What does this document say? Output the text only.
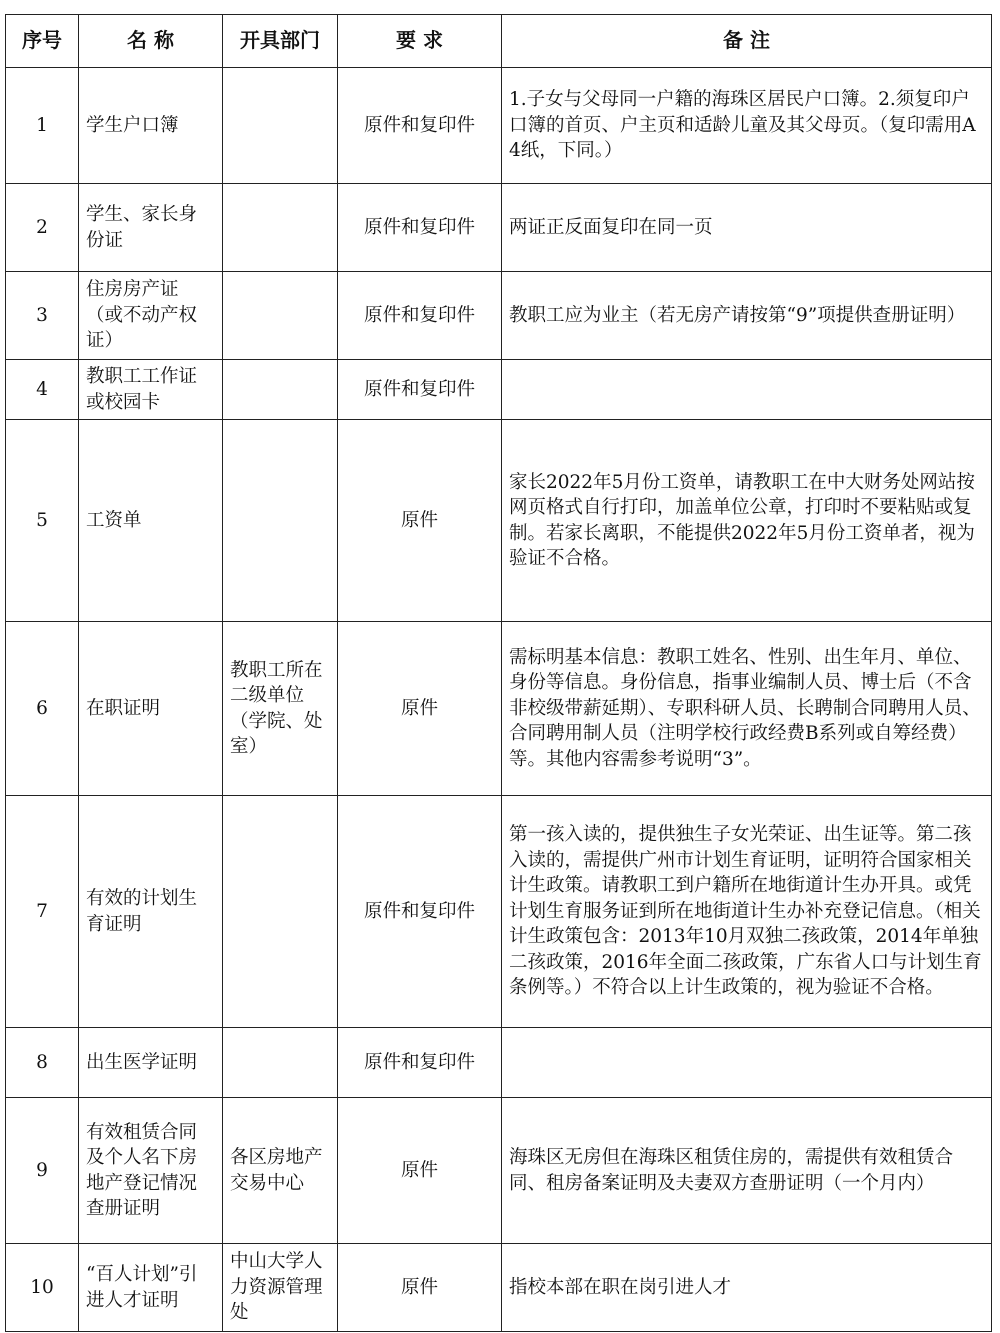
序号	名 称	开具部门	要 求	备 注
1	学生户口簿		原件和复印件	1.子女与父母同一户籍的海珠区居民户口簿。2.须复印户口簿的首页、户主页和适龄儿童及其父母页。（复印需用A4纸，下同。）
2	学生、家长身份证		原件和复印件	两证正反面复印在同一页
3	住房房产证（或不动产权证）		原件和复印件	教职工应为业主（若无房产请按第“9”项提供查册证明）
4	教职工工作证或校园卡		原件和复印件	
5	工资单		原件	家长2022年5月份工资单，请教职工在中大财务处网站按网页格式自行打印，加盖单位公章，打印时不要粘贴或复制。若家长离职，不能提供2022年5月份工资单者，视为验证不合格。
6	在职证明	教职工所在二级单位（学院、处室）	原件	需标明基本信息：教职工姓名、性别、出生年月、单位、身份等信息。身份信息，指事业编制人员、博士后（不含非校级带薪延期）、专职科研人员、长聘制合同聘用人员、合同聘用制人员（注明学校行政经费B系列或自筹经费）等。其他内容需参考说明“3”。
7	有效的计划生育证明		原件和复印件	第一孩入读的，提供独生子女光荣证、出生证等。第二孩入读的，需提供广州市计划生育证明，证明符合国家相关计生政策。请教职工到户籍所在地街道计生办开具。或凭计划生育服务证到所在地街道计生办补充登记信息。（相关计生政策包含：2013年10月双独二孩政策，2014年单独二孩政策，2016年全面二孩政策，广东省人口与计划生育条例等。）不符合以上计生政策的，视为验证不合格。
8	出生医学证明		原件和复印件	
9	有效租赁合同及个人名下房地产登记情况查册证明	各区房地产交易中心	原件	海珠区无房但在海珠区租赁住房的，需提供有效租赁合同、租房备案证明及夫妻双方查册证明（一个月内）
10	“百人计划”引进人才证明	中山大学人力资源管理处	原件	指校本部在职在岗引进人才
